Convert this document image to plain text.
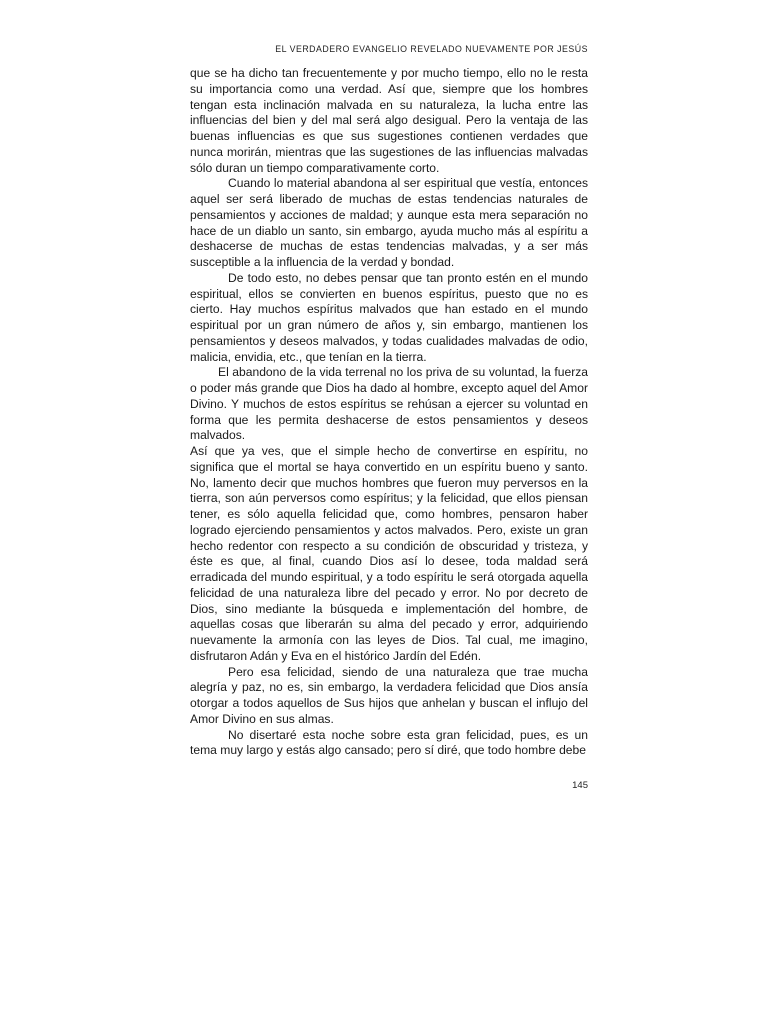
EL VERDADERO EVANGELIO REVELADO NUEVAMENTE POR JESÚS

que se ha dicho tan frecuentemente y por mucho tiempo, ello no le resta su importancia como una verdad. Así que, siempre que los hombres tengan esta inclinación malvada en su naturaleza, la lucha entre las influencias del bien y del mal será algo desigual. Pero la ventaja de las buenas influencias es que sus sugestiones contienen verdades que nunca morirán, mientras que las sugestiones de las influencias malvadas sólo duran un tiempo comparativamente corto.

Cuando lo material abandona al ser espiritual que vestía, entonces aquel ser será liberado de muchas de estas tendencias naturales de pensamientos y acciones de maldad; y aunque esta mera separación no hace de un diablo un santo, sin embargo, ayuda mucho más al espíritu a deshacerse de muchas de estas tendencias malvadas, y a ser más susceptible a la influencia de la verdad y bondad.

De todo esto, no debes pensar que tan pronto estén en el mundo espiritual, ellos se convierten en buenos espíritus, puesto que no es cierto. Hay muchos espíritus malvados que han estado en el mundo espiritual por un gran número de años y, sin embargo, mantienen los pensamientos y deseos malvados, y todas cualidades malvadas de odio, malicia, envidia, etc., que tenían en la tierra.

El abandono de la vida terrenal no los priva de su voluntad, la fuerza o poder más grande que Dios ha dado al hombre, excepto aquel del Amor Divino. Y muchos de estos espíritus se rehúsan a ejercer su voluntad en forma que les permita deshacerse de estos pensamientos y deseos malvados.

Así que ya ves, que el simple hecho de convertirse en espíritu, no significa que el mortal se haya convertido en un espíritu bueno y santo. No, lamento decir que muchos hombres que fueron muy perversos en la tierra, son aún perversos como espíritus; y la felicidad, que ellos piensan tener, es sólo aquella felicidad que, como hombres, pensaron haber logrado ejerciendo pensamientos y actos malvados. Pero, existe un gran hecho redentor con respecto a su condición de obscuridad y tristeza, y éste es que, al final, cuando Dios así lo desee, toda maldad será erradicada del mundo espiritual, y a todo espíritu le será otorgada aquella felicidad de una naturaleza libre del pecado y error. No por decreto de Dios, sino mediante la búsqueda e implementación del hombre, de aquellas cosas que liberarán su alma del pecado y error, adquiriendo nuevamente la armonía con las leyes de Dios. Tal cual, me imagino, disfrutaron Adán y Eva en el histórico Jardín del Edén.

Pero esa felicidad, siendo de una naturaleza que trae mucha alegría y paz, no es, sin embargo, la verdadera felicidad que Dios ansía otorgar a todos aquellos de Sus hijos que anhelan y buscan el influjo del Amor Divino en sus almas.

No disertaré esta noche sobre esta gran felicidad, pues, es un tema muy largo y estás algo cansado; pero sí diré, que todo hombre debe

145
